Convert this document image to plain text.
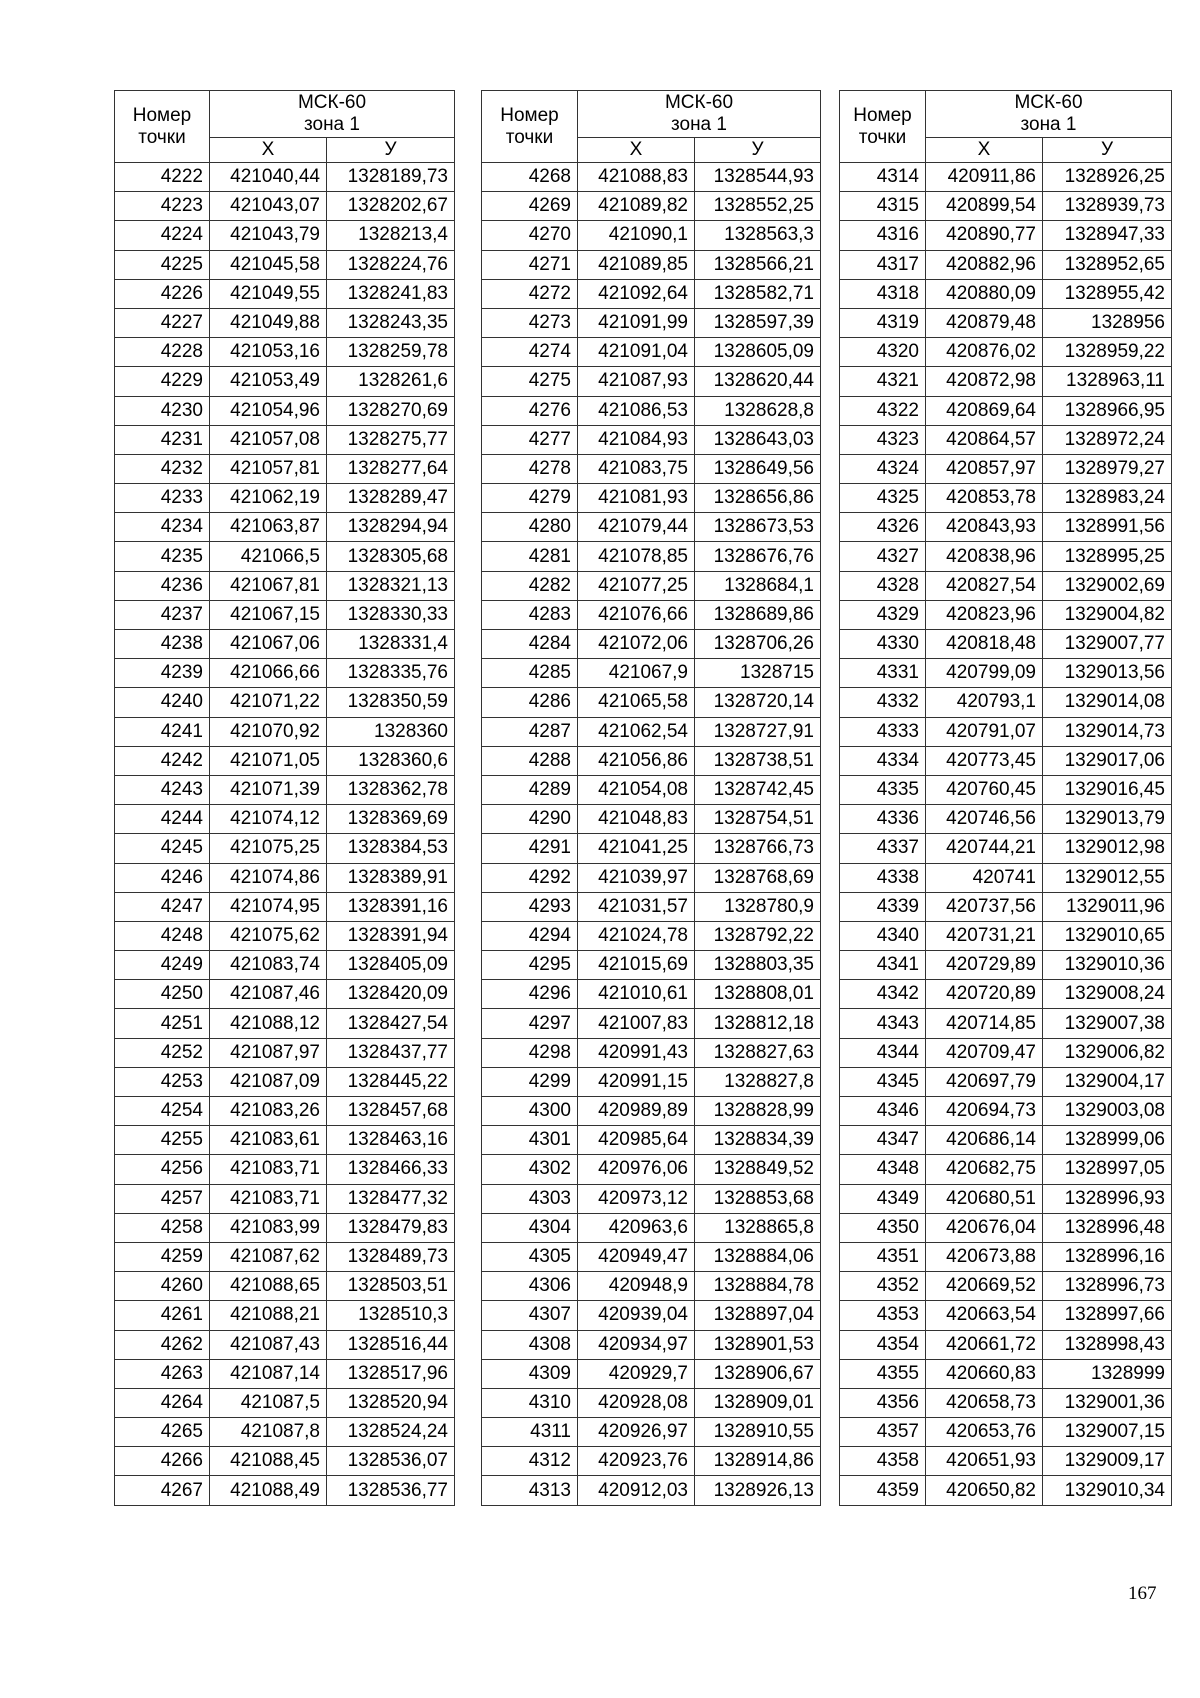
Номер точки	МСК-60
зона 1	
	X	У
4222	421040,44	1328189,73
4223	421043,07	1328202,67
4224	421043,79	1328213,4
4225	421045,58	1328224,76
4226	421049,55	1328241,83
4227	421049,88	1328243,35
4228	421053,16	1328259,78
4229	421053,49	1328261,6
4230	421054,96	1328270,69
4231	421057,08	1328275,77
4232	421057,81	1328277,64
4233	421062,19	1328289,47
4234	421063,87	1328294,94
4235	421066,5	1328305,68
4236	421067,81	1328321,13
4237	421067,15	1328330,33
4238	421067,06	1328331,4
4239	421066,66	1328335,76
4240	421071,22	1328350,59
4241	421070,92	1328360
4242	421071,05	1328360,6
4243	421071,39	1328362,78
4244	421074,12	1328369,69
4245	421075,25	1328384,53
4246	421074,86	1328389,91
4247	421074,95	1328391,16
4248	421075,62	1328391,94
4249	421083,74	1328405,09
4250	421087,46	1328420,09
4251	421088,12	1328427,54
4252	421087,97	1328437,77
4253	421087,09	1328445,22
4254	421083,26	1328457,68
4255	421083,61	1328463,16
4256	421083,71	1328466,33
4257	421083,71	1328477,32
4258	421083,99	1328479,83
4259	421087,62	1328489,73
4260	421088,65	1328503,51
4261	421088,21	1328510,3
4262	421087,43	1328516,44
4263	421087,14	1328517,96
4264	421087,5	1328520,94
4265	421087,8	1328524,24
4266	421088,45	1328536,07
4267	421088,49	1328536,77
Номер точки	МСК-60
зона 1	
	X	У
4268	421088,83	1328544,93
4269	421089,82	1328552,25
4270	421090,1	1328563,3
4271	421089,85	1328566,21
4272	421092,64	1328582,71
4273	421091,99	1328597,39
4274	421091,04	1328605,09
4275	421087,93	1328620,44
4276	421086,53	1328628,8
4277	421084,93	1328643,03
4278	421083,75	1328649,56
4279	421081,93	1328656,86
4280	421079,44	1328673,53
4281	421078,85	1328676,76
4282	421077,25	1328684,1
4283	421076,66	1328689,86
4284	421072,06	1328706,26
4285	421067,9	1328715
4286	421065,58	1328720,14
4287	421062,54	1328727,91
4288	421056,86	1328738,51
4289	421054,08	1328742,45
4290	421048,83	1328754,51
4291	421041,25	1328766,73
4292	421039,97	1328768,69
4293	421031,57	1328780,9
4294	421024,78	1328792,22
4295	421015,69	1328803,35
4296	421010,61	1328808,01
4297	421007,83	1328812,18
4298	420991,43	1328827,63
4299	420991,15	1328827,8
4300	420989,89	1328828,99
4301	420985,64	1328834,39
4302	420976,06	1328849,52
4303	420973,12	1328853,68
4304	420963,6	1328865,8
4305	420949,47	1328884,06
4306	420948,9	1328884,78
4307	420939,04	1328897,04
4308	420934,97	1328901,53
4309	420929,7	1328906,67
4310	420928,08	1328909,01
4311	420926,97	1328910,55
4312	420923,76	1328914,86
4313	420912,03	1328926,13
Номер точки	МСК-60
зона 1	
	X	У
4314	420911,86	1328926,25
4315	420899,54	1328939,73
4316	420890,77	1328947,33
4317	420882,96	1328952,65
4318	420880,09	1328955,42
4319	420879,48	1328956
4320	420876,02	1328959,22
4321	420872,98	1328963,11
4322	420869,64	1328966,95
4323	420864,57	1328972,24
4324	420857,97	1328979,27
4325	420853,78	1328983,24
4326	420843,93	1328991,56
4327	420838,96	1328995,25
4328	420827,54	1329002,69
4329	420823,96	1329004,82
4330	420818,48	1329007,77
4331	420799,09	1329013,56
4332	420793,1	1329014,08
4333	420791,07	1329014,73
4334	420773,45	1329017,06
4335	420760,45	1329016,45
4336	420746,56	1329013,79
4337	420744,21	1329012,98
4338	420741	1329012,55
4339	420737,56	1329011,96
4340	420731,21	1329010,65
4341	420729,89	1329010,36
4342	420720,89	1329008,24
4343	420714,85	1329007,38
4344	420709,47	1329006,82
4345	420697,79	1329004,17
4346	420694,73	1329003,08
4347	420686,14	1328999,06
4348	420682,75	1328997,05
4349	420680,51	1328996,93
4350	420676,04	1328996,48
4351	420673,88	1328996,16
4352	420669,52	1328996,73
4353	420663,54	1328997,66
4354	420661,72	1328998,43
4355	420660,83	1328999
4356	420658,73	1329001,36
4357	420653,76	1329007,15
4358	420651,93	1329009,17
4359	420650,82	1329010,34
167
